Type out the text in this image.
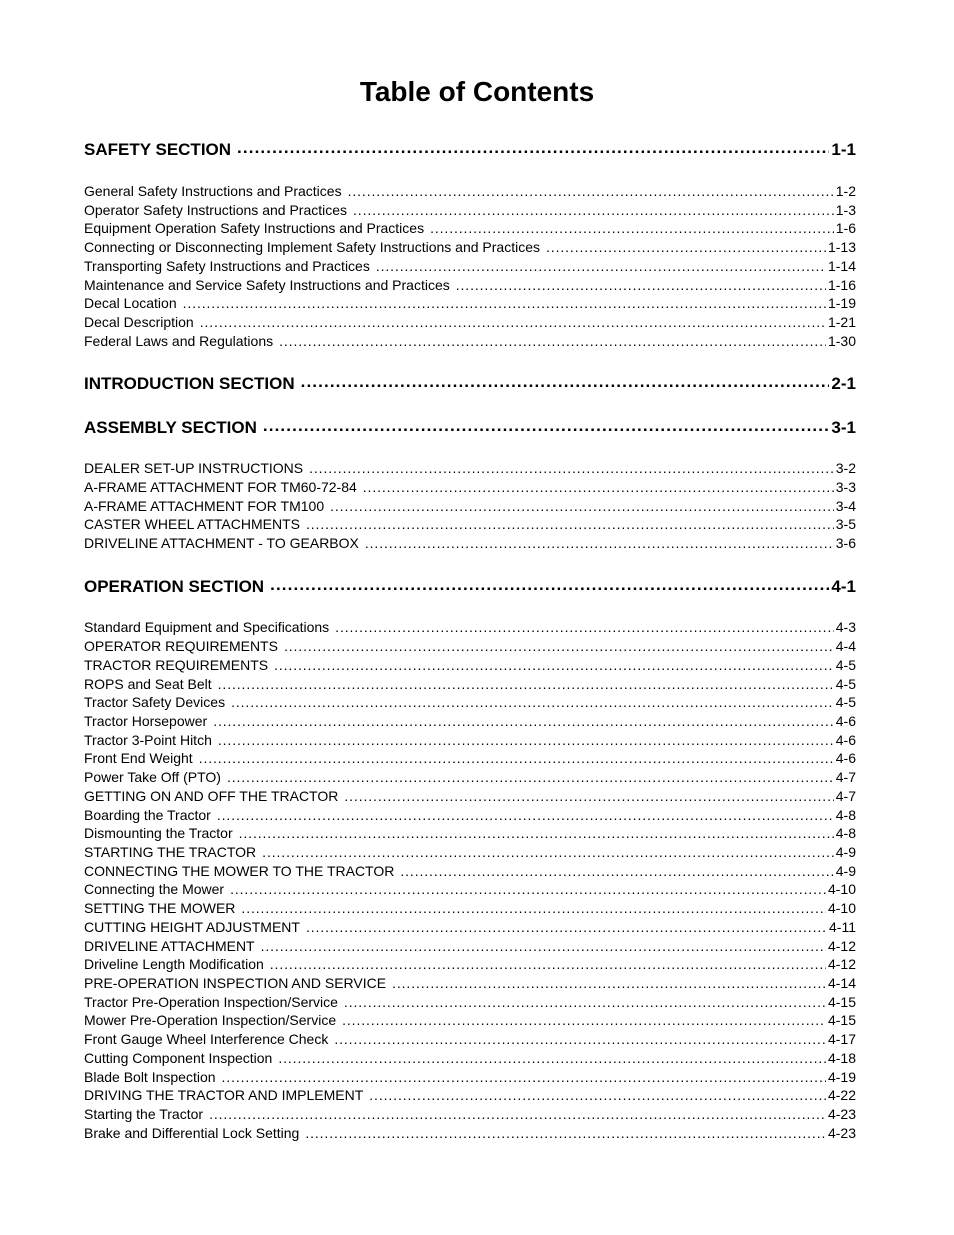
Table of Contents
SAFETY SECTION . . .	1-1
General Safety Instructions and Practices . . .	1-2
Operator Safety Instructions and Practices . . .	1-3
Equipment Operation Safety Instructions and Practices . . .	1-6
Connecting or Disconnecting Implement Safety Instructions and Practices . . .	1-13
Transporting Safety Instructions and Practices . . .	1-14
Maintenance and Service Safety Instructions and Practices . . .	1-16
Decal Location . . .	1-19
Decal Description . . .	1-21
Federal Laws and Regulations . . .	1-30
INTRODUCTION SECTION . . .	2-1
ASSEMBLY SECTION . . .	3-1
DEALER SET-UP INSTRUCTIONS . . .	3-2
A-FRAME ATTACHMENT FOR TM60-72-84 . . .	3-3
A-FRAME ATTACHMENT FOR TM100 . . .	3-4
CASTER WHEEL ATTACHMENTS . . .	3-5
DRIVELINE ATTACHMENT - TO GEARBOX . . .	3-6
OPERATION SECTION . . .	4-1
Standard Equipment and Specifications . . .	4-3
OPERATOR REQUIREMENTS . . .	4-4
TRACTOR REQUIREMENTS . . .	4-5
ROPS and Seat Belt . . .	4-5
Tractor Safety Devices . . .	4-5
Tractor Horsepower . . .	4-6
Tractor 3-Point Hitch . . .	4-6
Front End Weight . . .	4-6
Power Take Off (PTO) . . .	4-7
GETTING ON AND OFF THE TRACTOR . . .	4-7
Boarding the Tractor . . .	4-8
Dismounting the Tractor . . .	4-8
STARTING THE TRACTOR . . .	4-9
CONNECTING THE MOWER TO THE TRACTOR . . .	4-9
Connecting the Mower . . .	4-10
SETTING THE MOWER . . .	4-10
CUTTING HEIGHT ADJUSTMENT . . .	4-11
DRIVELINE ATTACHMENT . . .	4-12
Driveline Length Modification . . .	4-12
PRE-OPERATION INSPECTION AND SERVICE . . .	4-14
Tractor Pre-Operation Inspection/Service . . .	4-15
Mower Pre-Operation Inspection/Service . . .	4-15
Front Gauge Wheel Interference Check . . .	4-17
Cutting Component Inspection . . .	4-18
Blade Bolt Inspection . . .	4-19
DRIVING THE TRACTOR AND IMPLEMENT . . .	4-22
Starting the Tractor . . .	4-23
Brake and Differential Lock Setting . . .	4-23
